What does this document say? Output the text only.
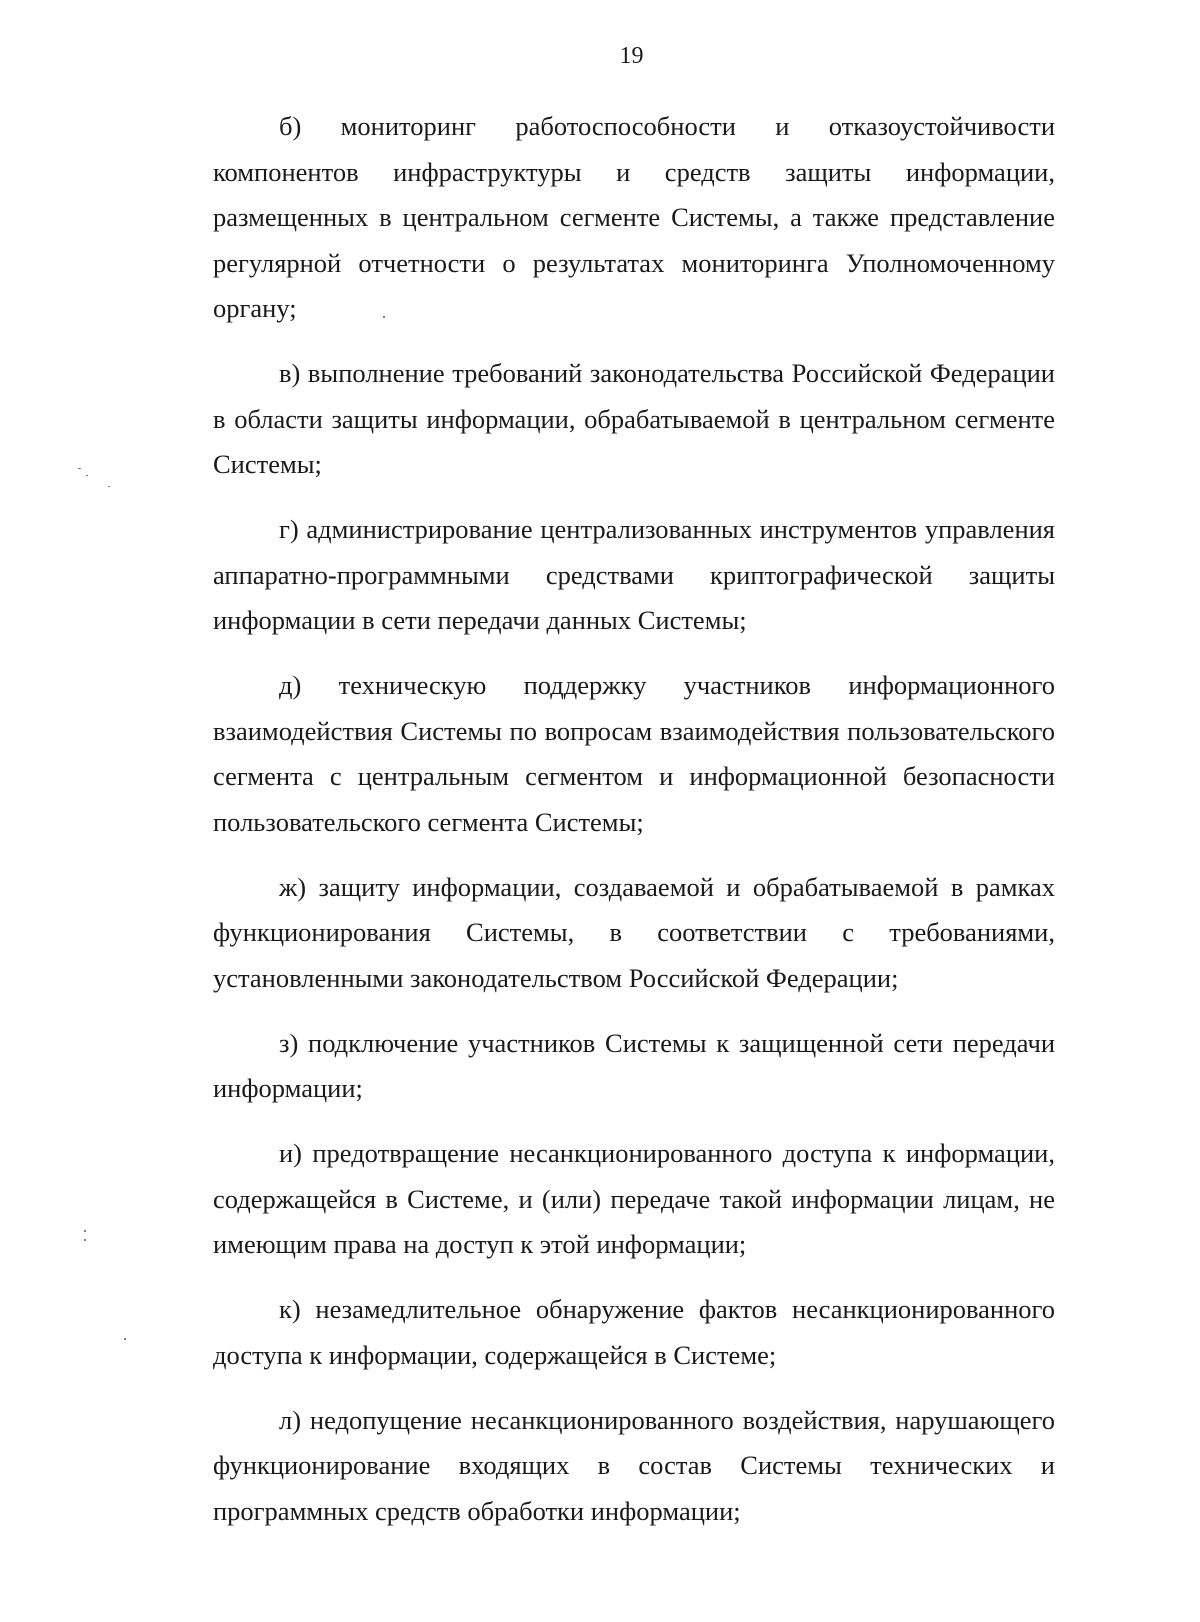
19

б) мониторинг работоспособности и отказоустойчивости компонентов инфраструктуры и средств защиты информации, размещенных в центральном сегменте Системы, а также представление регулярной отчетности о результатах мониторинга Уполномоченному органу;

в) выполнение требований законодательства Российской Федерации в области защиты информации, обрабатываемой в центральном сегменте Системы;

г) администрирование централизованных инструментов управления аппаратно-программными средствами криптографической защиты информации в сети передачи данных Системы;

д) техническую поддержку участников информационного взаимодействия Системы по вопросам взаимодействия пользовательского сегмента с центральным сегментом и информационной безопасности пользовательского сегмента Системы;

ж) защиту информации, создаваемой и обрабатываемой в рамках функционирования Системы, в соответствии с требованиями, установленными законодательством Российской Федерации;

з) подключение участников Системы к защищенной сети передачи информации;

и) предотвращение несанкционированного доступа к информации, содержащейся в Системе, и (или) передаче такой информации лицам, не имеющим права на доступ к этой информации;

к) незамедлительное обнаружение фактов несанкционированного доступа к информации, содержащейся в Системе;

л) недопущение несанкционированного воздействия, нарушающего функционирование входящих в состав Системы технических и программных средств обработки информации;
